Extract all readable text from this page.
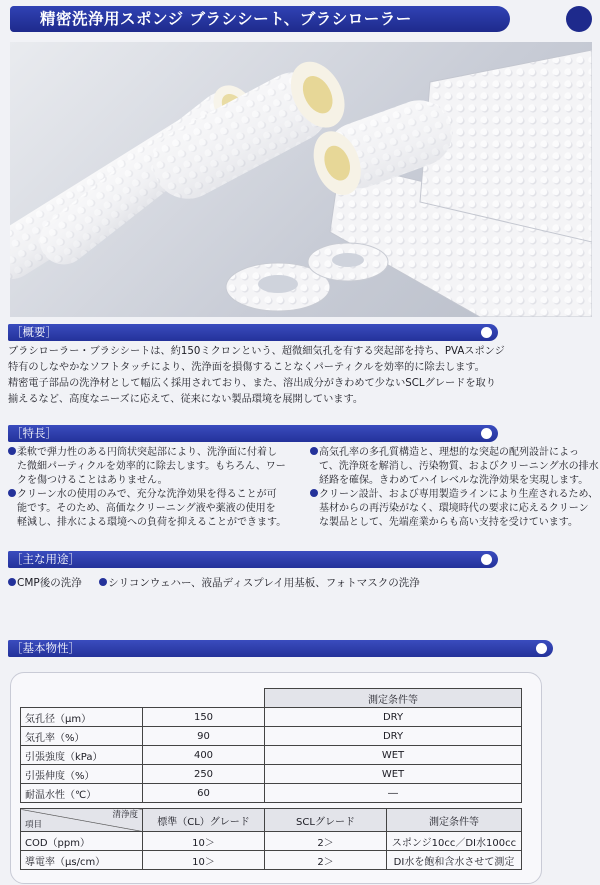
精密洗浄用スポンジ ブラシシート、ブラシローラー
［概要］
ブラシローラー・ブラシシートは、約150ミクロンという、超微細気孔を有する突起部を持ち、PVAスポンジ
特有のしなやかなソフトタッチにより、洗浄面を損傷することなくパーティクルを効率的に除去します。
精密電子部品の洗浄材として幅広く採用されており、また、溶出成分がきわめて少ないSCLグレードを取り
揃えるなど、高度なニーズに応えて、従来にない製品環境を展開しています。
［特長］
柔軟で弾力性のある円筒状突起部により、洗浄面に付着し
た微細パーティクルを効率的に除去します。もちろん、ワー
クを傷つけることはありません。
クリーン水の使用のみで、充分な洗浄効果を得ることが可
能です。そのため、高価なクリーニング液や薬液の使用を
軽減し、排水による環境への負荷を抑えることができます。
高気孔率の多孔質構造と、理想的な突起の配列設計によっ
て、洗浄斑を解消し、汚染物質、およびクリーニング水の排水
経路を確保。きわめてハイレベルな洗浄効果を実現します。
クリーン設計、および専用製造ラインにより生産されるため、
基材からの再汚染がなく、環境時代の要求に応えるクリーン
な製品として、先端産業からも高い支持を受けています。
［主な用途］
CMP後の洗浄	シリコンウェハー、液晶ディスプレイ用基板、フォトマスクの洗浄
［基本物性］
		測定条件等
気孔径（μm）	150	DRY
気孔率（%）	90	DRY
引張強度（kPa）	400	WET
引張伸度（%）	250	WET
耐温水性（℃）	60	―
清浄度
項目	標準（CL）グレード	SCLグレード	測定条件等
COD（ppm）	10＞	2＞	スポンジ10cc／DI水100cc
導電率（μs/cm）	10＞	2＞	DI水を飽和含水させて測定
